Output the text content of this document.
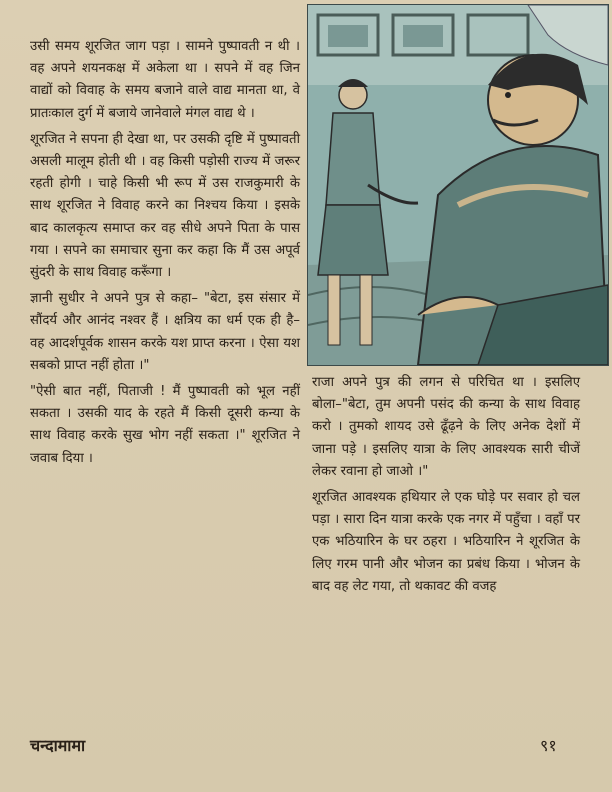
उसी समय शूरजित जाग पड़ा । सामने पुष्पावती न थी । वह अपने शयनकक्ष में अकेला था । सपने में वह जिन वाद्यों को विवाह के समय बजाने वाले वाद्य मानता था, वे प्रातःकाल दुर्ग में बजाये जानेवाले मंगल वाद्य थे ।

शूरजित ने सपना ही देखा था, पर उसकी दृष्टि में पुष्पावती असली मालूम होती थी । वह किसी पड़ोसी राज्य में जरूर रहती होगी । चाहे किसी भी रूप में उस राजकुमारी के साथ शूरजित ने विवाह करने का निश्चय किया । इसके बाद कालकृत्य समाप्त कर वह सीधे अपने पिता के पास गया । सपने का समाचार सुना कर कहा कि मैं उस अपूर्व सुंदरी के साथ विवाह करूँगा ।

ज्ञानी सुधीर ने अपने पुत्र से कहा– "बेटा, इस संसार में सौंदर्य और आनंद नश्वर हैं । क्षत्रिय का धर्म एक ही है– वह आदर्शपूर्वक शासन करके यश प्राप्त करना । ऐसा यश सबको प्राप्त नहीं होता ।"

"ऐसी बात नहीं, पिताजी ! मैं पुष्पावती को भूल नहीं सकता । उसकी याद के रहते मैं किसी दूसरी कन्या के साथ विवाह करके सुख भोग नहीं सकता ।" शूरजित ने जवाब दिया ।

राजा अपने पुत्र की लगन से परिचित था । इसलिए बोला–"बेटा, तुम अपनी पसंद की कन्या के साथ विवाह करो । तुमको शायद उसे ढूँढ़ने के लिए अनेक देशों में जाना पड़े । इसलिए यात्रा के लिए आवश्यक सारी चीजें लेकर रवाना हो जाओ ।"

शूरजित आवश्यक हथियार ले एक घोड़े पर सवार हो चल पड़ा । सारा दिन यात्रा करके एक नगर में पहुँचा । वहाँ पर एक भठियारिन के घर ठहरा । भठियारिन ने शूरजित के लिए गरम पानी और भोजन का प्रबंध किया । भोजन के बाद वह लेट गया, तो थकावट की वजह

चन्दामामा	९१
